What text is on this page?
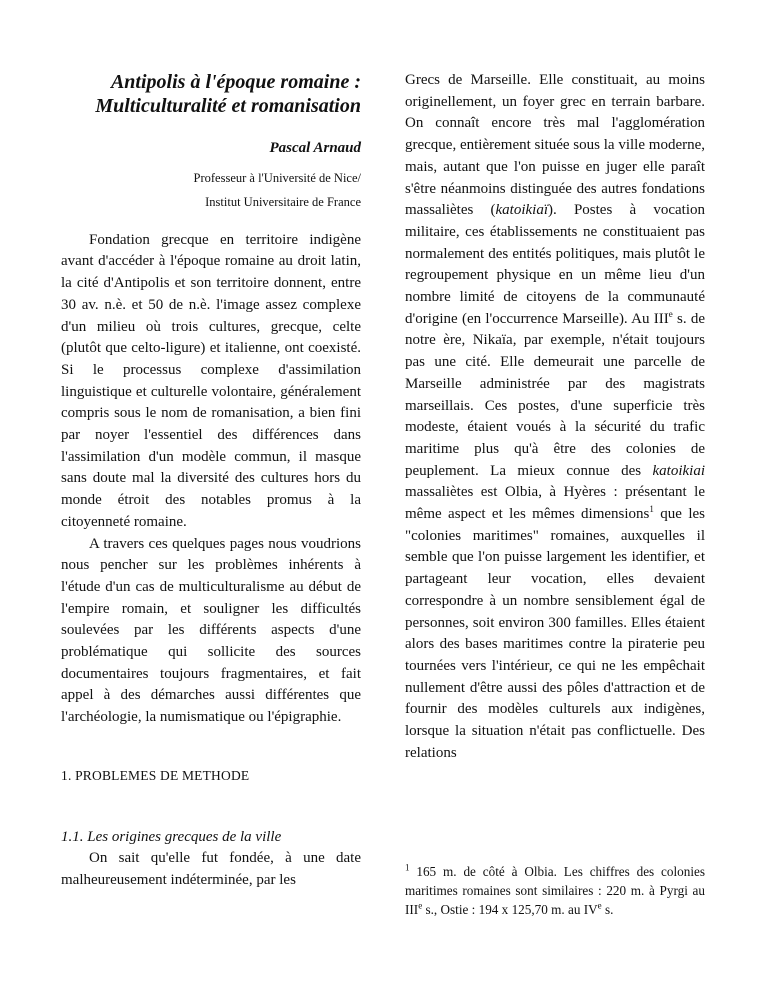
Antipolis à l'époque romaine : Multiculturalité et romanisation
Pascal Arnaud
Professeur à l'Université de Nice/
Institut Universitaire de France

Fondation grecque en territoire indigène avant d'accéder à l'époque romaine au droit latin, la cité d'Antipolis et son territoire donnent, entre 30 av. n.è. et 50 de n.è. l'image assez complexe d'un milieu où trois cultures, grecque, celte (plutôt que celto-ligure) et italienne, ont coexisté. Si le processus complexe d'assimilation linguistique et culturelle volontaire, généralement compris sous le nom de romanisation, a bien fini par noyer l'essentiel des différences dans l'assimilation d'un modèle commun, il masque sans doute mal la diversité des cultures hors du monde étroit des notables promus à la citoyenneté romaine.

A travers ces quelques pages nous voudrions nous pencher sur les problèmes inhérents à l'étude d'un cas de multiculturalisme au début de l'empire romain, et souligner les difficultés soulevées par les différents aspects d'une problématique qui sollicite des sources documentaires toujours fragmentaires, et fait appel à des démarches aussi différentes que l'archéologie, la numismatique ou l'épigraphie.

1. PROBLEMES DE METHODE
1.1. Les origines grecques de la ville

On sait qu'elle fut fondée, à une date malheureusement indéterminée, par les

Grecs de Marseille. Elle constituait, au moins originellement, un foyer grec en terrain barbare. On connaît encore très mal l'agglomération grecque, entièrement située sous la ville moderne, mais, autant que l'on puisse en juger elle paraît s'être néanmoins distinguée des autres fondations massaliètes (katoikiaï). Postes à vocation militaire, ces établissements ne constituaient pas normalement des entités politiques, mais plutôt le regroupement physique en un même lieu d'un nombre limité de citoyens de la communauté d'origine (en l'occurrence Marseille). Au IIIe s. de notre ère, Nikaïa, par exemple, n'était toujours pas une cité. Elle demeurait une parcelle de Marseille administrée par des magistrats marseillais. Ces postes, d'une superficie très modeste, étaient voués à la sécurité du trafic maritime plus qu'à être des colonies de peuplement. La mieux connue des katoikiai massaliètes est Olbia, à Hyères : présentant le même aspect et les mêmes dimensions$^1$ que les "colonies maritimes" romaines, auxquelles il semble que l'on puisse largement les identifier, et partageant leur vocation, elles devaient correspondre à un nombre sensiblement égal de personnes, soit environ 300 familles. Elles étaient alors des bases maritimes contre la piraterie peu tournées vers l'intérieur, ce qui ne les empêchait nullement d'être aussi des pôles d'attraction et de fournir des modèles culturels aux indigènes, lorsque la situation n'était pas conflictuelle. Des relations

$^1$ 165 m. de côté à Olbia. Les chiffres des colonies maritimes romaines sont similaires : 220 m. à Pyrgi au IIIe s., Ostie : 194 x 125,70 m. au IVe s.
